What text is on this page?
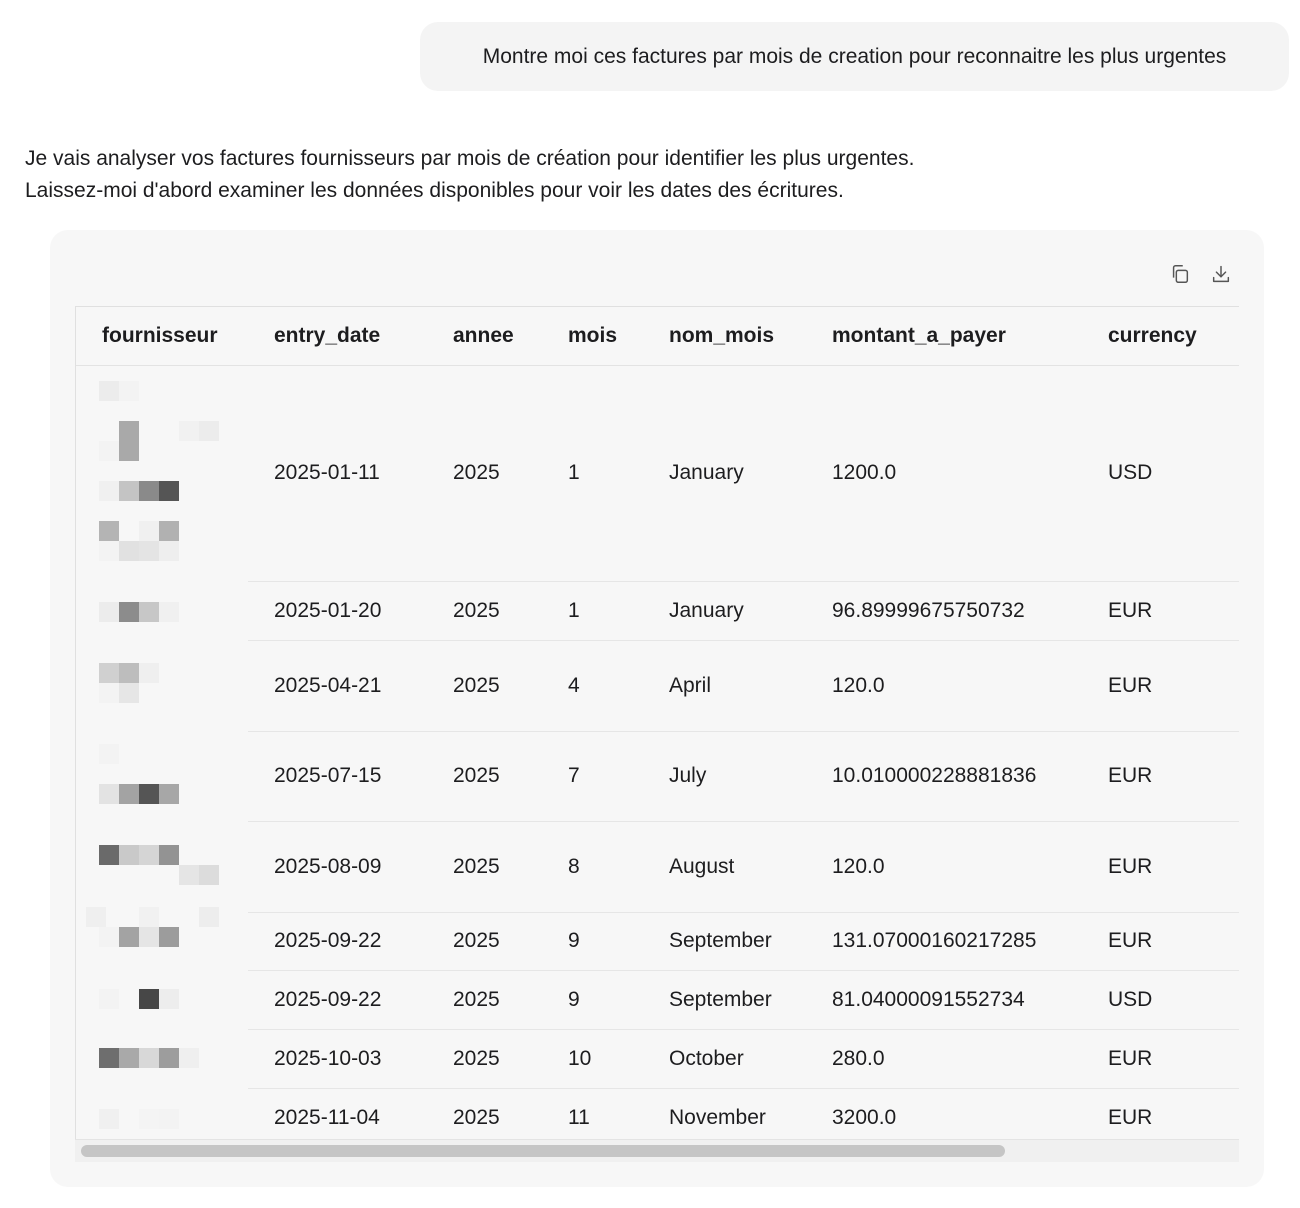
Montre moi ces factures par mois de creation pour reconnaitre les plus urgentes

Je vais analyser vos factures fournisseurs par mois de création pour identifier les plus urgentes.

Laissez-moi d'abord examiner les données disponibles pour voir les dates des écritures.

fournisseur	entry_date	annee	mois	nom_mois	montant_a_payer	currency

	2025-01-11	2025	1	January	1200.0	USD

	2025-01-20	2025	1	January	96.89999675750732	EUR

	2025-04-21	2025	4	April	120.0	EUR

	2025-07-15	2025	7	July	10.010000228881836	EUR

	2025-08-09	2025	8	August	120.0	EUR

	2025-09-22	2025	9	September	131.07000160217285	EUR

	2025-09-22	2025	9	September	81.04000091552734	USD

	2025-10-03	2025	10	October	280.0	EUR

	2025-11-04	2025	11	November	3200.0	EUR
